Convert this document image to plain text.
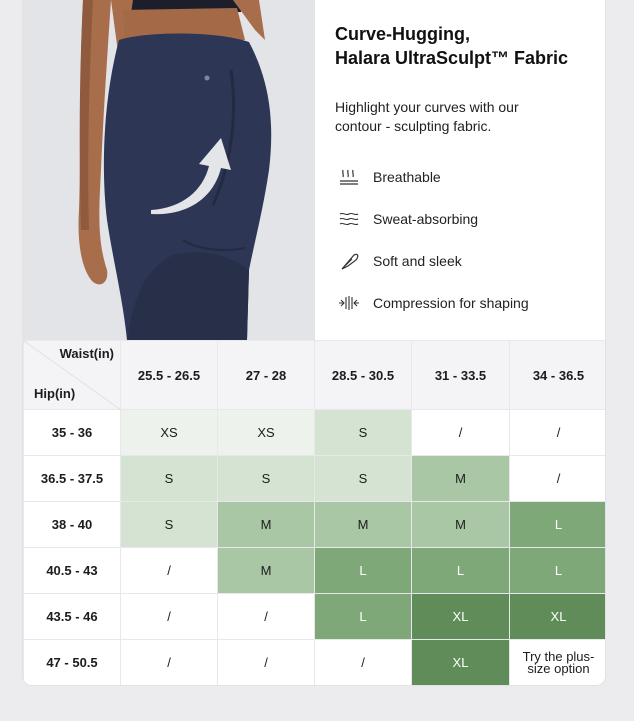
Curve-Hugging,
Halara UltraSculpt™ Fabric
Highlight your curves with our contour - sculpting fabric.
Breathable
Sweat-absorbing
Soft and sleek
Compression for shaping
Waist(in)
Hip(in)	25.5 - 26.5	27 - 28	28.5 - 30.5	31 - 33.5	34 - 36.5
35 - 36	XS	XS	S	/	/
36.5 - 37.5	S	S	S	M	/
38 - 40	S	M	M	M	L
40.5 - 43	/	M	L	L	L
43.5 - 46	/	/	L	XL	XL
47 - 50.5	/	/	/	XL	Try the plus-size option
